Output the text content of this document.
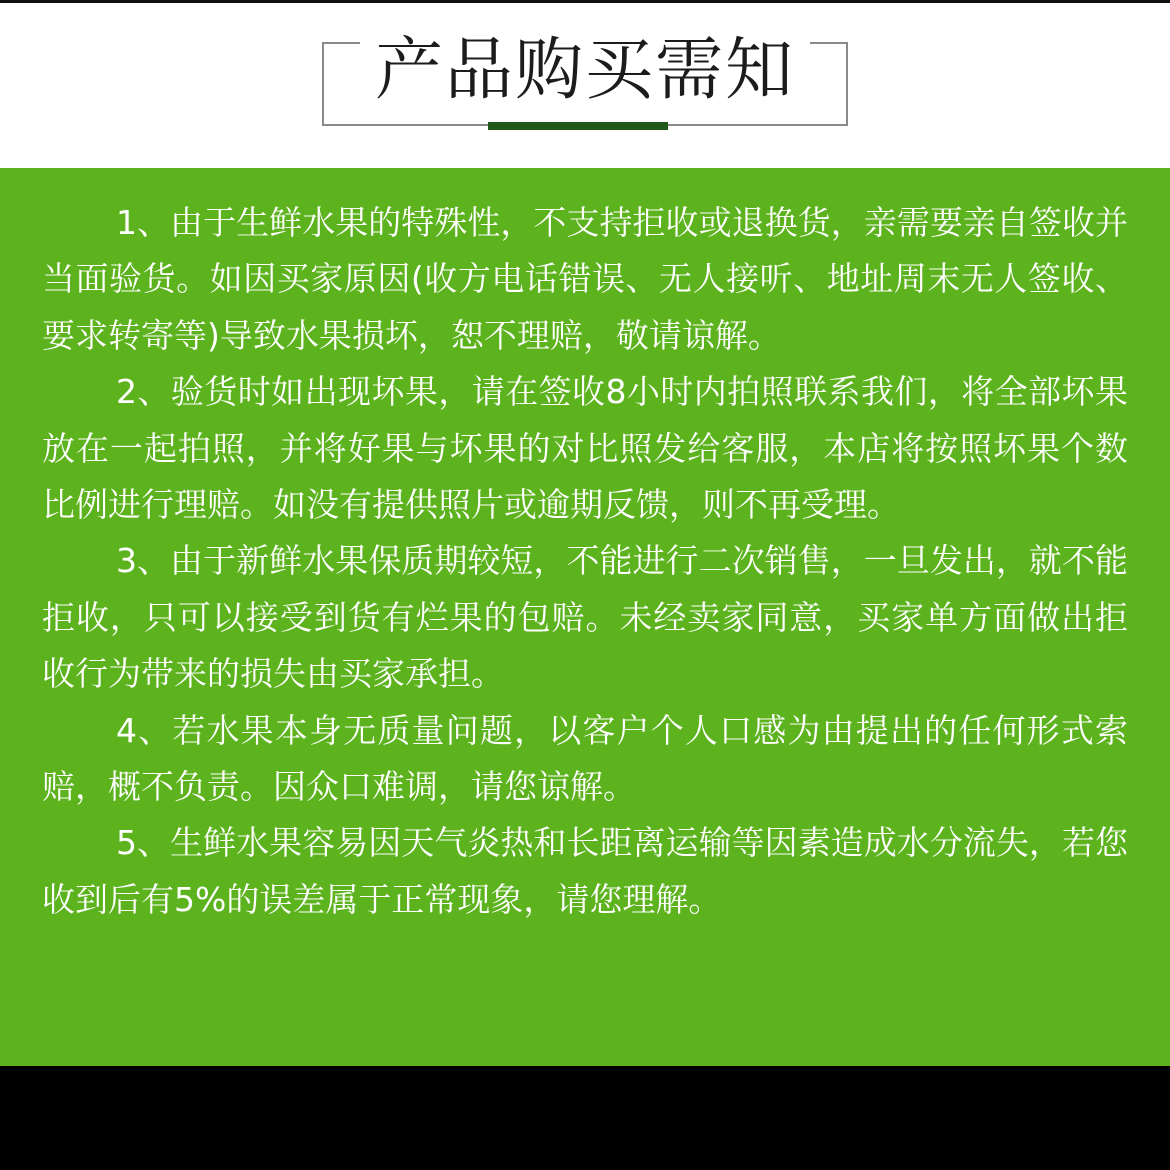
产品购买需知

1、由于生鲜水果的特殊性，不支持拒收或退换货，亲需要亲自签收并当面验货。如因买家原因(收方电话错误、无人接听、地址周末无人签收、要求转寄等)导致水果损坏，恕不理赔，敬请谅解。

2、验货时如出现坏果，请在签收8小时内拍照联系我们，将全部坏果放在一起拍照，并将好果与坏果的对比照发给客服，本店将按照坏果个数比例进行理赔。如没有提供照片或逾期反馈，则不再受理。

3、由于新鲜水果保质期较短，不能进行二次销售，一旦发出，就不能拒收，只可以接受到货有烂果的包赔。未经卖家同意，买家单方面做出拒收行为带来的损失由买家承担。

4、若水果本身无质量问题，以客户个人口感为由提出的任何形式索赔，概不负责。因众口难调，请您谅解。

5、生鲜水果容易因天气炎热和长距离运输等因素造成水分流失，若您收到后有5%的误差属于正常现象，请您理解。
